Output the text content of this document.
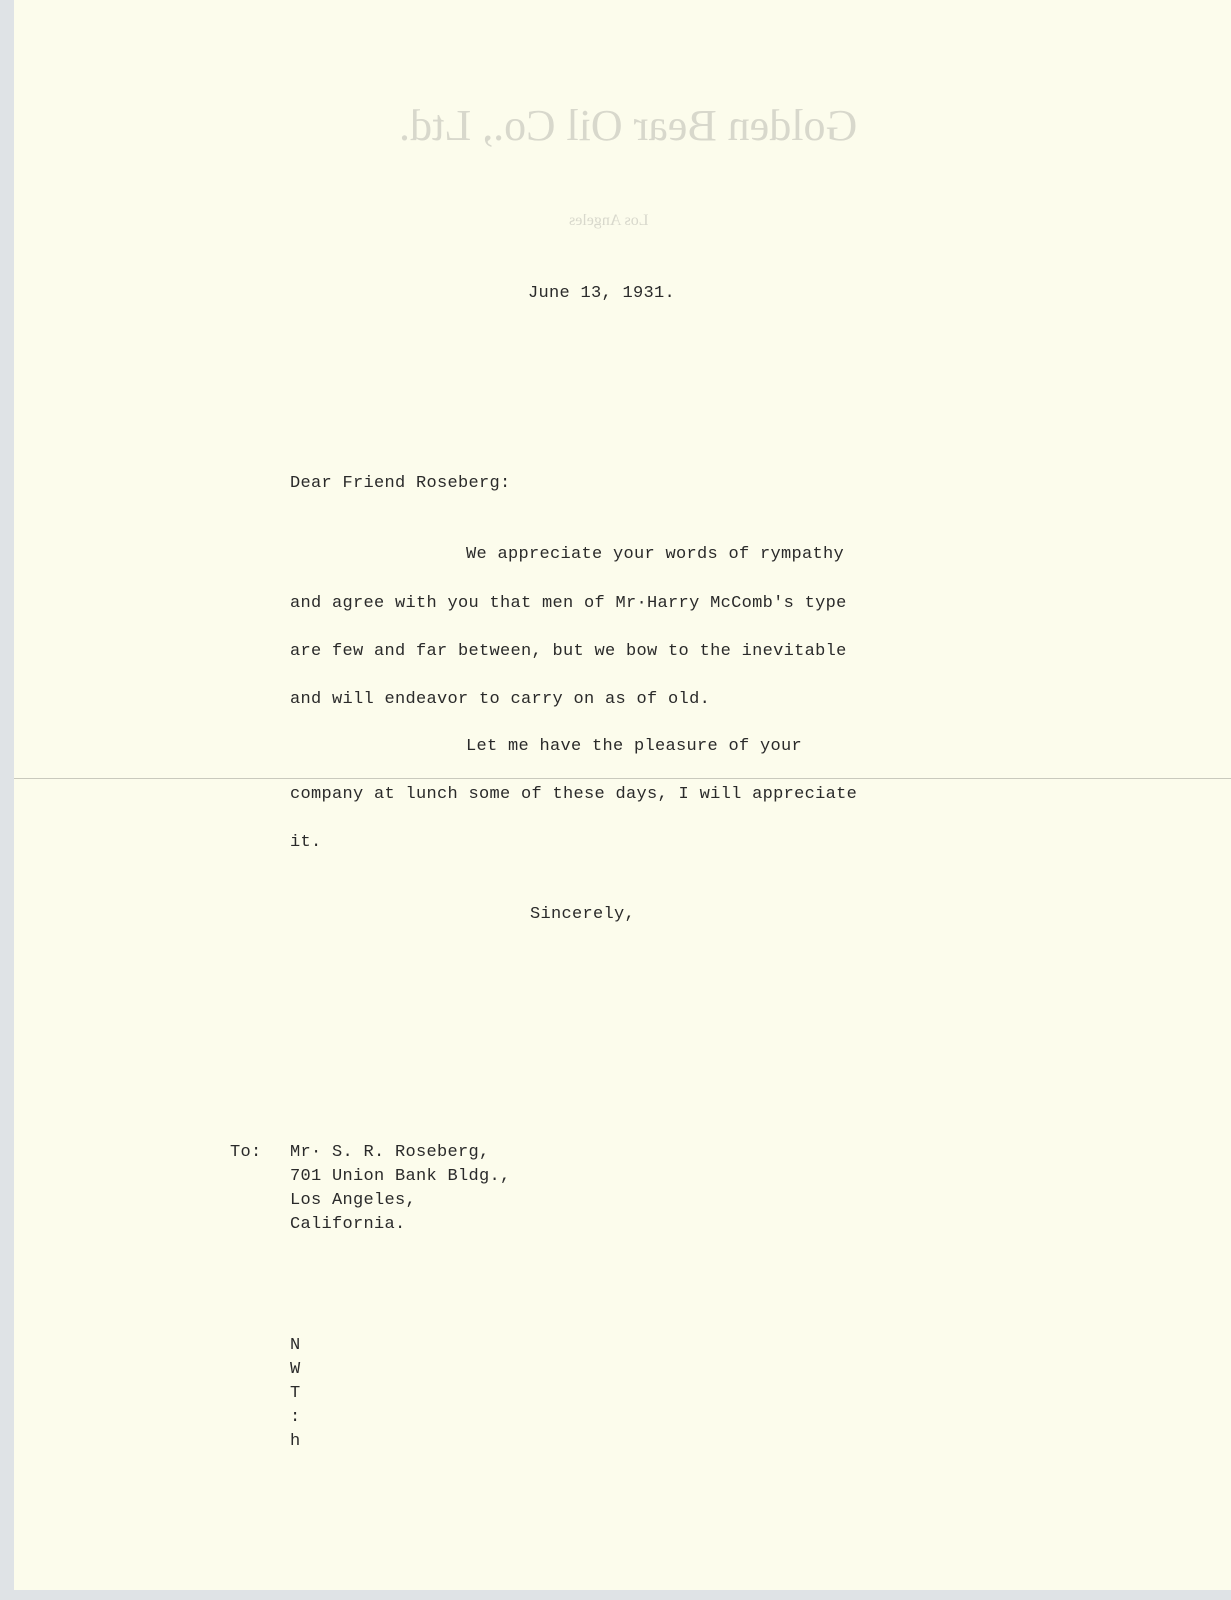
Golden Bear Oil Co., Ltd.
Los Angeles
June 13, 1931.
Dear Friend Roseberg:
We appreciate your words of rympathy
and agree with you that men of Mr·Harry McComb's type
are few and far between, but we bow to the inevitable
and will endeavor to carry on as of old.
Let me have the pleasure of your
company at lunch some of these days, I will appreciate
it.
Sincerely,
To: Mr· S. R. Roseberg,
701 Union Bank Bldg.,
Los Angeles,
California.
N
W
T
:
h
